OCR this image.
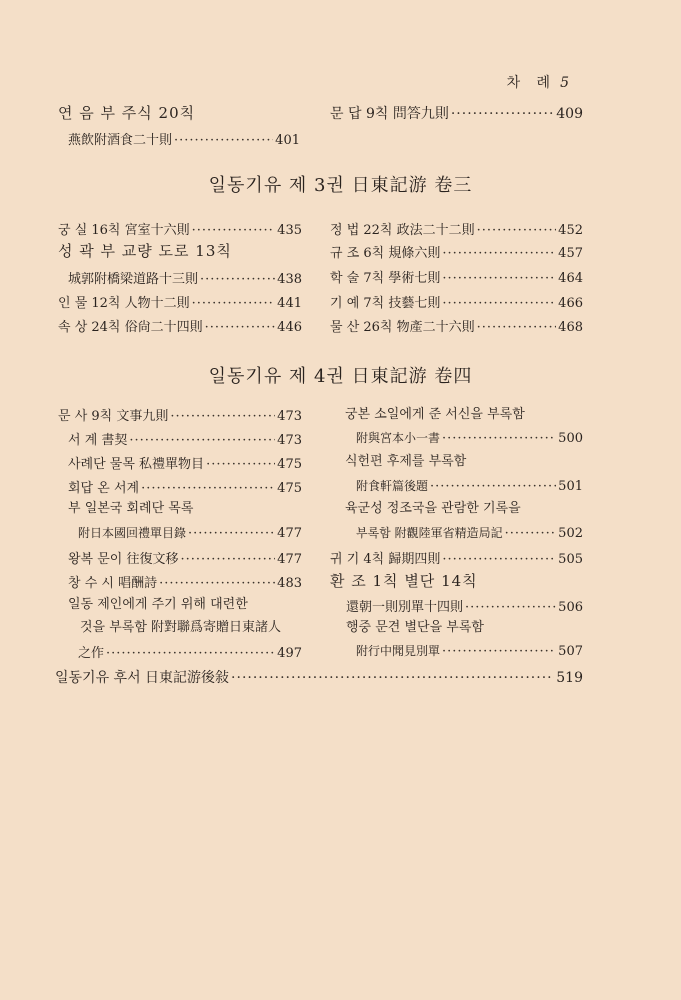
차 례 5
연 음 부 주식 20칙
燕飲附酒食二十則 ·····	401
문 답 9칙 問答九則 ·····	409
일동기유 제 3권 日東記游 卷三
궁 실 16칙 宮室十六則 ·····	435
성 곽 부 교량 도로 13칙
城郭附橋梁道路十三則 ·····	438
인 물 12칙 人物十二則 ·····	441
속 상 24칙 俗尙二十四則 ·····	446
정 법 22칙 政法二十二則 ·····	452
규 조 6칙 規條六則 ·····	457
학 술 7칙 學術七則 ·····	464
기 예 7칙 技藝七則 ·····	466
물 산 26칙 物產二十六則 ·····	468
일동기유 제 4권 日東記游 卷四
문 사 9칙 文事九則 ·····	473
서 계 書契 ·····	473
사례단 물목 私禮單物目 ·····	475
회답 온 서계 ·····	475
부 일본국 회례단 목록
附日本國回禮單目錄 ·····	477
왕복 문이 往復文移 ·····	477
창 수 시 唱酬詩 ·····	483
일동 제인에게 주기 위해 대련한
것을 부록함 附對聯爲寄贈日東諸人
之作 ·····	497
궁본 소일에게 준 서신을 부록함
附與宮本小一書 ·····	500
식헌편 후제를 부록함
附食軒篇後題 ·····	501
육군성 정조국을 관람한 기록을
부록함 附觀陸軍省精造局記 ·····	502
귀 기 4칙 歸期四則 ·····	505
환 조 1칙 별단 14칙
還朝一則別單十四則 ·····	506
행중 문견 별단을 부록함
附行中聞見別單 ·····	507
일동기유 후서 日東記游後敍 ·····	519
